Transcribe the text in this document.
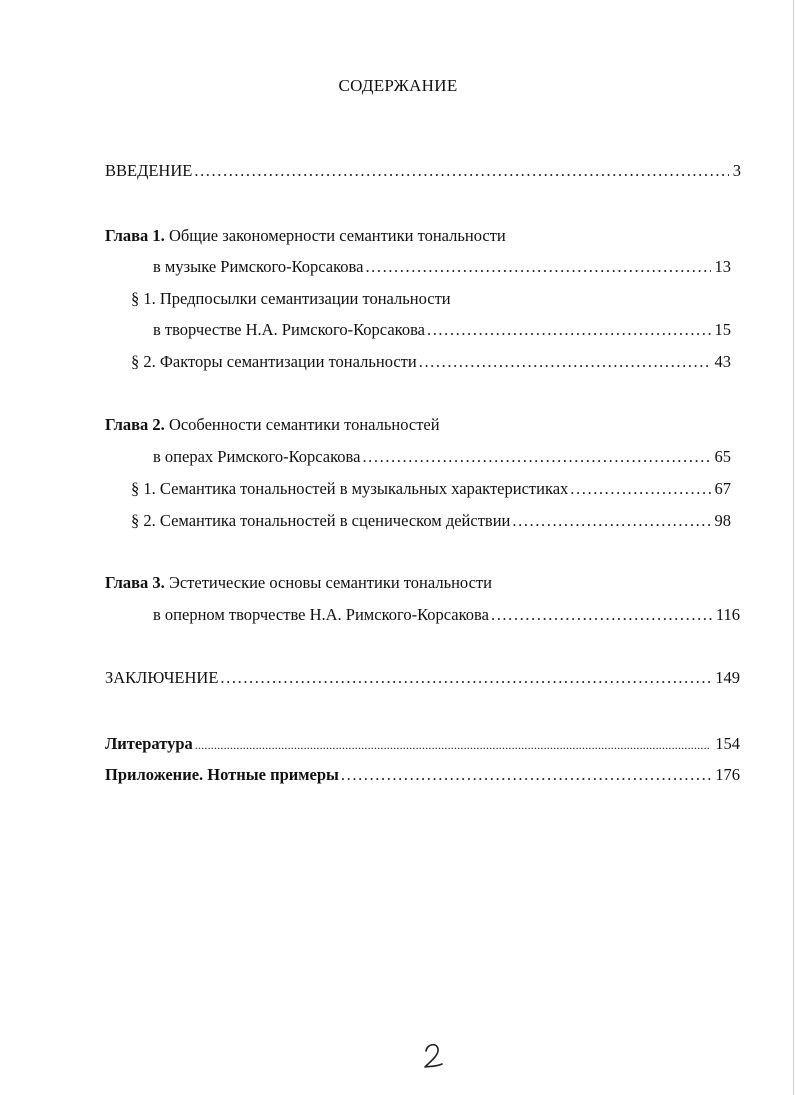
СОДЕРЖАНИЕ
ВВЕДЕНИЕ .....	3
Глава 1. Общие закономерности семантики тональности
в музыке Римского-Корсакова .....	13
§ 1. Предпосылки семантизации тональности
в творчестве Н.А. Римского-Корсакова .....	15
§ 2. Факторы семантизации тональности .....	43
Глава 2. Особенности семантики тональностей
в операх Римского-Корсакова .....	65
§ 1. Семантика тональностей в музыкальных характеристиках .....	67
§ 2. Семантика тональностей в сценическом действии .....	98
Глава 3. Эстетические основы семантики тональности
в оперном творчестве Н.А. Римского-Корсакова .....	116
ЗАКЛЮЧЕНИЕ .....	149
Литература .....	154
Приложение. Нотные примеры .....	176
